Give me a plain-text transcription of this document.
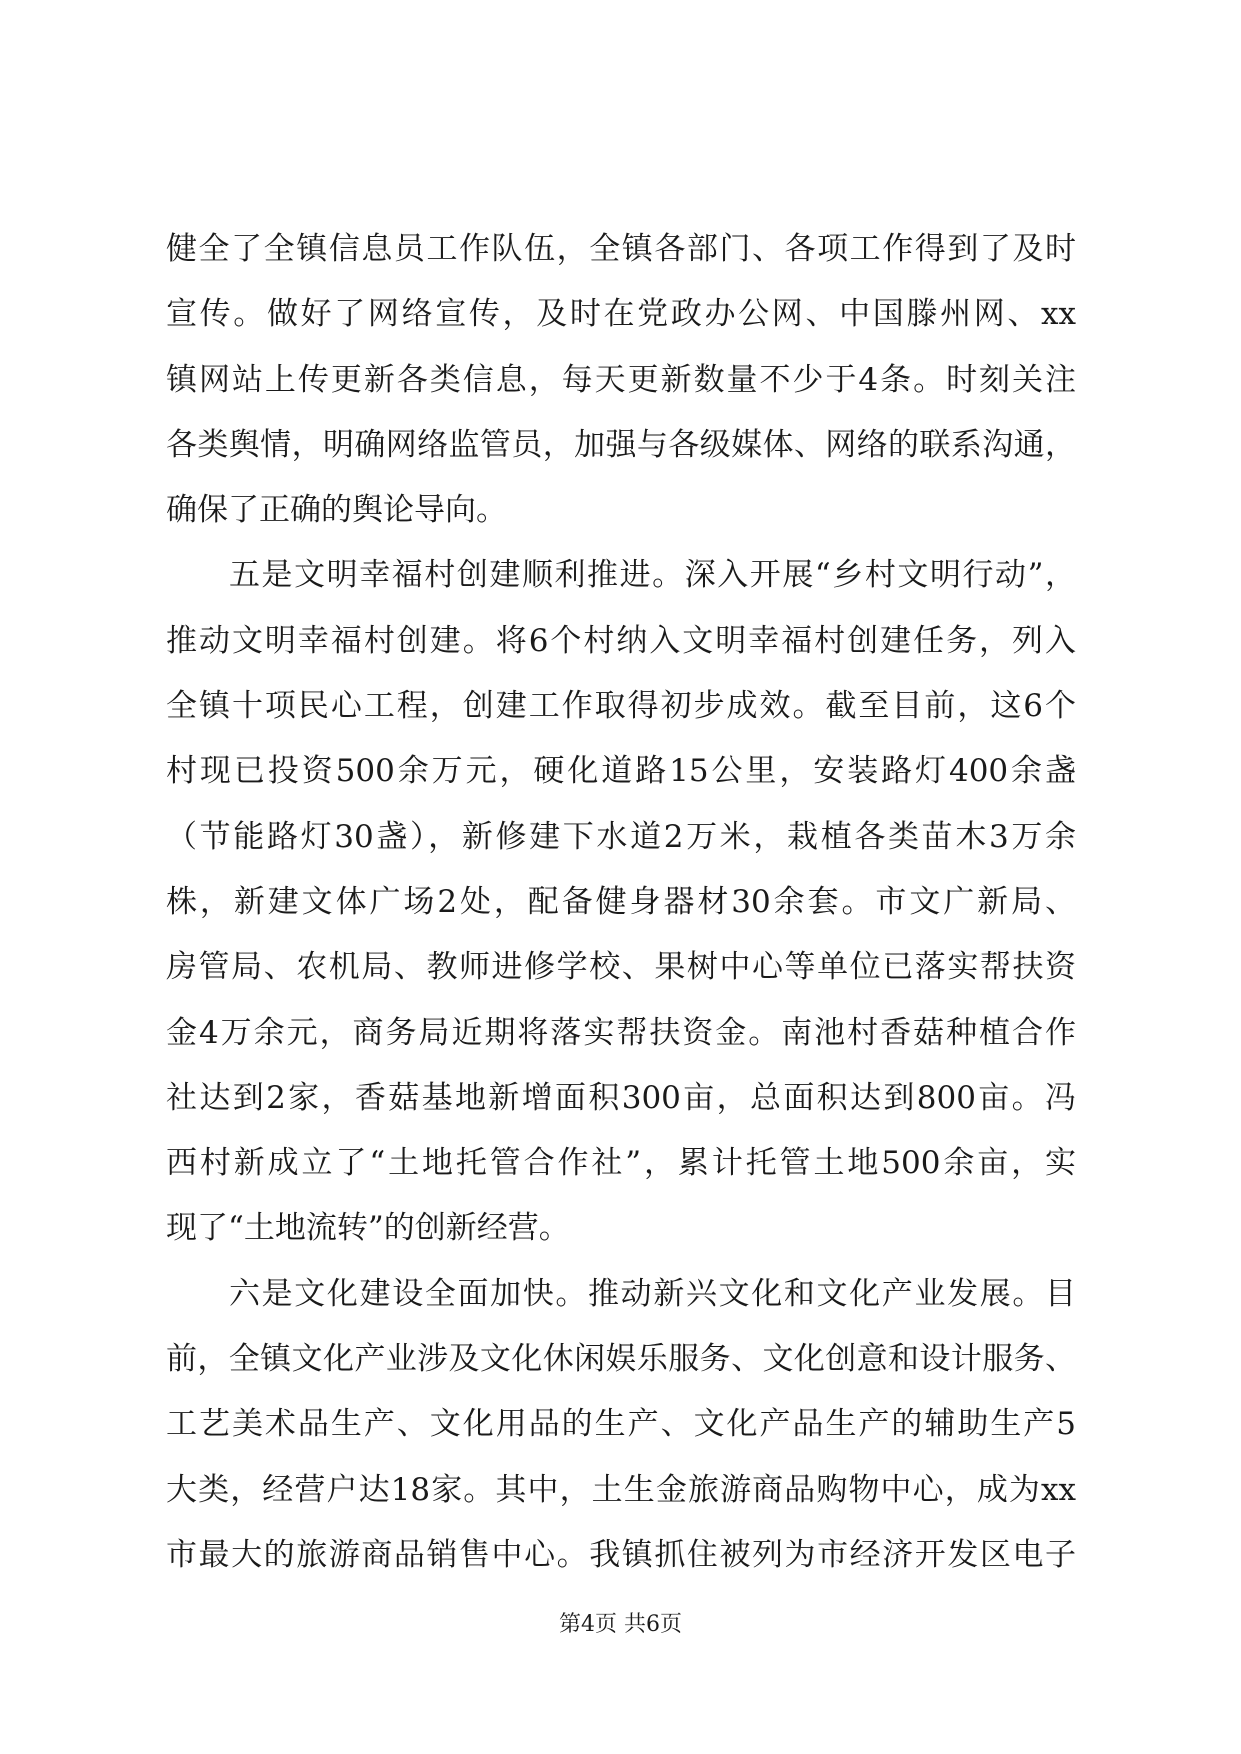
健全了全镇信息员工作队伍，全镇各部门、各项工作得到了及时
宣传。做好了网络宣传，及时在党政办公网、中国滕州网、xx
镇网站上传更新各类信息，每天更新数量不少于4条。时刻关注
各类舆情，明确网络监管员，加强与各级媒体、网络的联系沟通，
确保了正确的舆论导向。
五是文明幸福村创建顺利推进。深入开展“乡村文明行动”，
推动文明幸福村创建。将6个村纳入文明幸福村创建任务，列入
全镇十项民心工程，创建工作取得初步成效。截至目前，这6个
村现已投资500余万元，硬化道路15公里，安装路灯400余盏
（节能路灯30盏），新修建下水道2万米，栽植各类苗木3万余
株，新建文体广场2处，配备健身器材30余套。市文广新局、
房管局、农机局、教师进修学校、果树中心等单位已落实帮扶资
金4万余元，商务局近期将落实帮扶资金。南池村香菇种植合作
社达到2家，香菇基地新增面积300亩，总面积达到800亩。冯
西村新成立了“土地托管合作社”，累计托管土地500余亩，实
现了“土地流转”的创新经营。
六是文化建设全面加快。推动新兴文化和文化产业发展。目
前，全镇文化产业涉及文化休闲娱乐服务、文化创意和设计服务、
工艺美术品生产、文化用品的生产、文化产品生产的辅助生产5
大类，经营户达18家。其中，土生金旅游商品购物中心，成为xx
市最大的旅游商品销售中心。我镇抓住被列为市经济开发区电子
第4页 共6页
